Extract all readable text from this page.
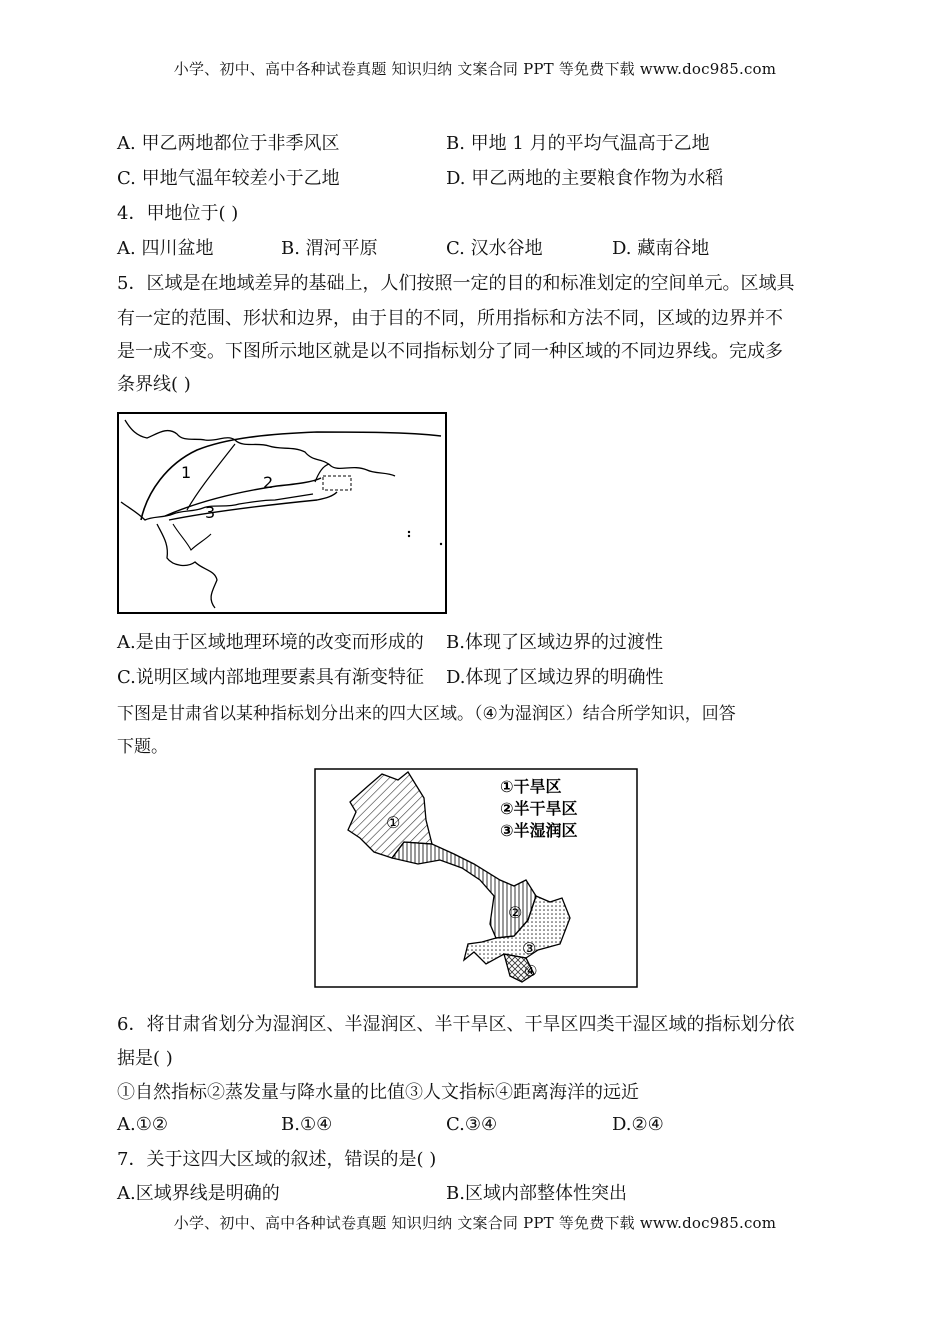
小学、初中、高中各种试卷真题 知识归纳 文案合同 PPT 等免费下载 www.doc985.com
A. 甲乙两地都位于非季风区	B. 甲地 1 月的平均气温高于乙地
C. 甲地气温年较差小于乙地	D. 甲乙两地的主要粮食作物为水稻
4．甲地位于( )
A. 四川盆地	B. 渭河平原	C. 汉水谷地	D. 藏南谷地
5．区域是在地域差异的基础上，人们按照一定的目的和标准划定的空间单元。区域具
有一定的范围、形状和边界，由于目的不同，所用指标和方法不同，区域的边界并不
是一成不变。下图所示地区就是以不同指标划分了同一种区域的不同边界线。完成多
条界线( )
1
2
3
A.是由于区域地理环境的改变而形成的 B.体现了区域边界的过渡性
C.说明区域内部地理要素具有渐变特征 D.体现了区域边界的明确性
下图是甘肃省以某种指标划分出来的四大区域。（④为湿润区）结合所学知识，回答
下题。
①
②
③
④
①干旱区
②半干旱区
③半湿润区
6．将甘肃省划分为湿润区、半湿润区、半干旱区、干旱区四类干湿区域的指标划分依
据是( )
①自然指标②蒸发量与降水量的比值③人文指标④距离海洋的远近
A.①②	B.①④	C.③④	D.②④
7．关于这四大区域的叙述，错误的是( )
A.区域界线是明确的	B.区域内部整体性突出
小学、初中、高中各种试卷真题 知识归纳 文案合同 PPT 等免费下载 www.doc985.com
